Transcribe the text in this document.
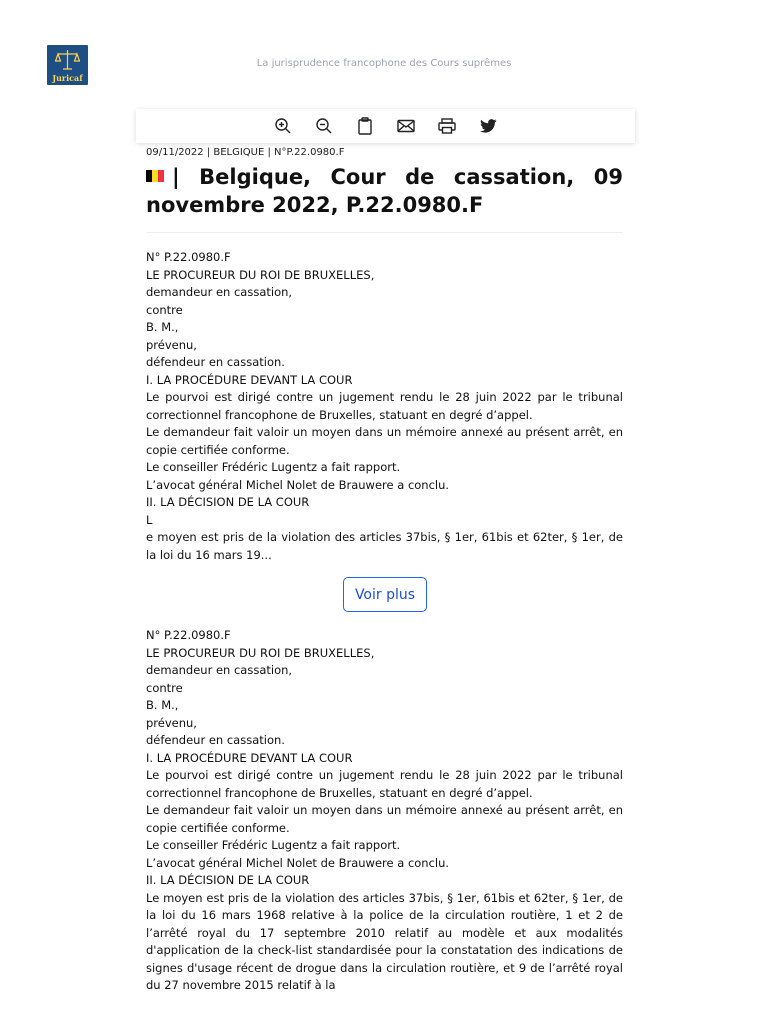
Juricaf
La jurisprudence francophone des Cours suprêmes
09/11/2022 | BELGIQUE | N°P.22.0980.F
| Belgique, Cour de cassation, 09 novembre 2022, P.22.0980.F

N° P.22.0980.F

LE PROCUREUR DU ROI DE BRUXELLES,

demandeur en cassation,

contre

B. M.,

prévenu,

défendeur en cassation.

I. LA PROCÉDURE DEVANT LA COUR

Le pourvoi est dirigé contre un jugement rendu le 28 juin 2022 par le tribunal correctionnel francophone de Bruxelles, statuant en degré d’appel.

Le demandeur fait valoir un moyen dans un mémoire annexé au présent arrêt, en copie certifiée conforme.

Le conseiller Frédéric Lugentz a fait rapport.

L’avocat général Michel Nolet de Brauwere a conclu.

II. LA DÉCISION DE LA COUR

L

e moyen est pris de la violation des articles 37bis, § 1er, 61bis et 62ter, § 1er, de la loi du 16 mars 19...

Voir plus

N° P.22.0980.F

LE PROCUREUR DU ROI DE BRUXELLES,

demandeur en cassation,

contre

B. M.,

prévenu,

défendeur en cassation.

I. LA PROCÉDURE DEVANT LA COUR

Le pourvoi est dirigé contre un jugement rendu le 28 juin 2022 par le tribunal correctionnel francophone de Bruxelles, statuant en degré d’appel.

Le demandeur fait valoir un moyen dans un mémoire annexé au présent arrêt, en copie certifiée conforme.

Le conseiller Frédéric Lugentz a fait rapport.

L’avocat général Michel Nolet de Brauwere a conclu.

II. LA DÉCISION DE LA COUR

Le moyen est pris de la violation des articles 37bis, § 1er, 61bis et 62ter, § 1er, de la loi du 16 mars 1968 relative à la police de la circulation routière, 1 et 2 de l’arrêté royal du 17 septembre 2010 relatif au modèle et aux modalités d'application de la check-list standardisée pour la constatation des indications de signes d'usage récent de drogue dans la circulation routière, et 9 de l’arrêté royal du 27 novembre 2015 relatif à la
